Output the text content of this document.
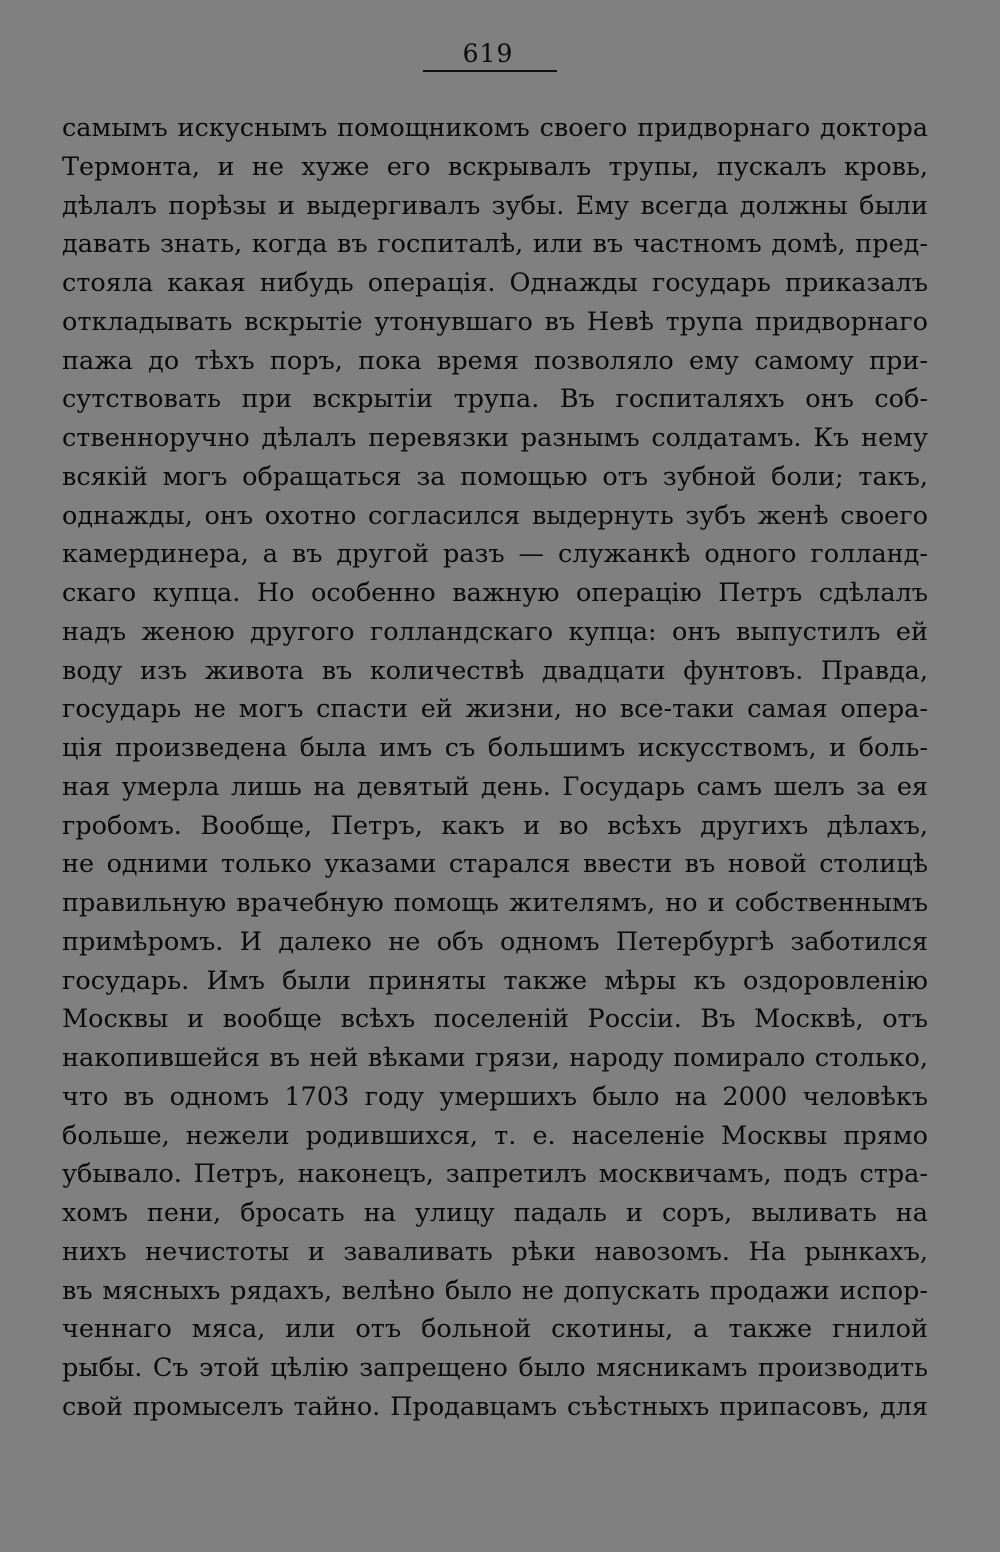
619
самымъ искуснымъ помощникомъ своего придворнаго доктора
Термонта, и не хуже его вскрывалъ трупы, пускалъ кровь,
дѣлалъ порѣзы и выдергивалъ зубы. Ему всегда должны были
давать знать, когда въ госпиталѣ, или въ частномъ домѣ, пред-
стояла какая нибудь операція. Однажды государь приказалъ
откладывать вскрытіе утонувшаго въ Невѣ трупа придворнаго
пажа до тѣхъ поръ, пока время позволяло ему самому при-
сутствовать при вскрытіи трупа. Въ госпиталяхъ онъ соб-
ственноручно дѣлалъ перевязки разнымъ солдатамъ. Къ нему
всякій могъ обращаться за помощью отъ зубной боли; такъ,
однажды, онъ охотно согласился выдернуть зубъ женѣ своего
камердинера, а въ другой разъ — служанкѣ одного голланд-
скаго купца. Но особенно важную операцію Петръ сдѣлалъ
надъ женою другого голландскаго купца: онъ выпустилъ ей
воду изъ живота въ количествѣ двадцати фунтовъ. Правда,
государь не могъ спасти ей жизни, но все-таки самая опера-
ція произведена была имъ съ большимъ искусствомъ, и боль-
ная умерла лишь на девятый день. Государь самъ шелъ за ея
гробомъ. Вообще, Петръ, какъ и во всѣхъ другихъ дѣлахъ,
не одними только указами старался ввести въ новой столицѣ
правильную врачебную помощь жителямъ, но и собственнымъ
примѣромъ. И далеко не объ одномъ Петербургѣ заботился
государь. Имъ были приняты также мѣры къ оздоровленію
Москвы и вообще всѣхъ поселеній Россіи. Въ Москвѣ, отъ
накопившейся въ ней вѣками грязи, народу помирало столько,
что въ одномъ 1703 году умершихъ было на 2000 человѣкъ
больше, нежели родившихся, т. е. населеніе Москвы прямо
убывало. Петръ, наконецъ, запретилъ москвичамъ, подъ стра-
хомъ пени, бросать на улицу падаль и соръ, выливать на
нихъ нечистоты и заваливать рѣки навозомъ. На рынкахъ,
въ мясныхъ рядахъ, велѣно было не допускать продажи испор-
ченнаго мяса, или отъ больной скотины, а также гнилой
рыбы. Съ этой цѣлію запрещено было мясникамъ производить
свой промыселъ тайно. Продавцамъ съѣстныхъ припасовъ, для
